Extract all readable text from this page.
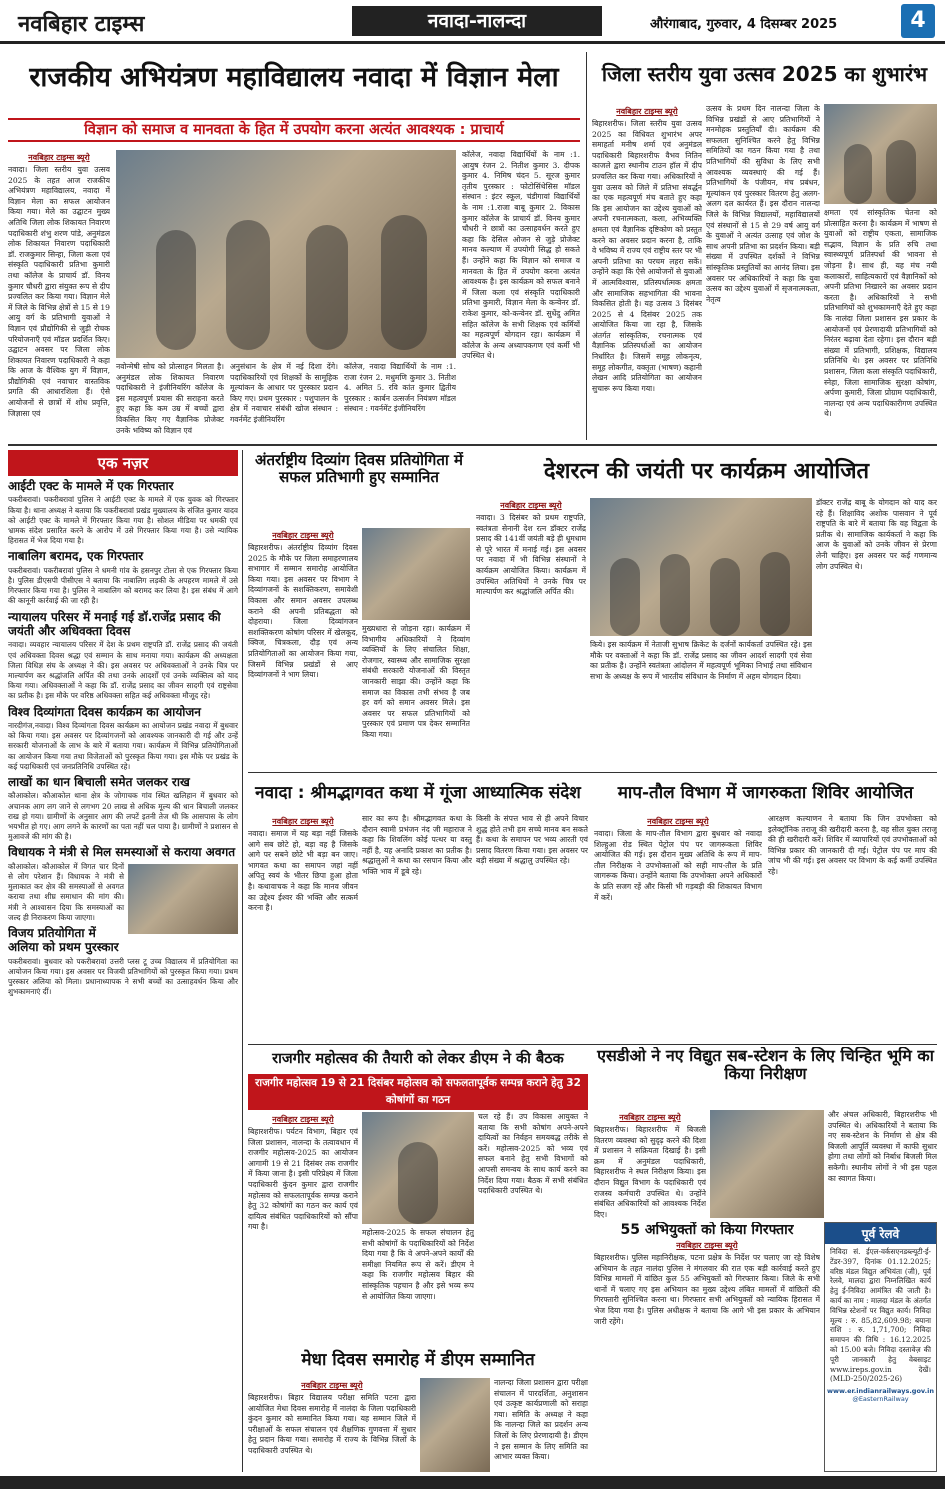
नवबिहार टाइम्स	नवादा-नालन्दा	औरंगाबाद, गुरुवार, 4 दिसम्बर 2025	4
राजकीय अभियंत्रण महाविद्यालय नवादा में विज्ञान मेला
विज्ञान को समाज व मानवता के हित में उपयोग करना अत्यंत आवश्यक : प्राचार्य
नवबिहार टाइम्स ब्यूरो
नवादा। जिला स्तरीय युवा उत्सव 2025 के तहत आज राजकीय अभियंत्रण महाविद्यालय, नवादा में विज्ञान मेला का सफल आयोजन किया गया। मेले का उद्घाटन मुख्य अतिथि जिला लोक शिकायत निवारण पदाधिकारी शंभु शरण पांडे, अनुमंडल लोक शिकायत निवारण पदाधिकारी डॉ. राजकुमार सिन्हा, जिला कला एवं संस्कृति पदाधिकारी प्रतिभा कुमारी तथा कॉलेज के प्राचार्य डॉ. विनय कुमार चौधरी द्वारा संयुक्त रूप से दीप प्रज्वलित कर किया गया। विज्ञान मेले में जिले के विभिन्न क्षेत्रों से 15 से 19 आयु वर्ग के प्रतिभागी युवाओं ने विज्ञान एवं प्रौद्योगिकी से जुड़ी रोचक परियोजनाएँ एवं मॉडल प्रदर्शित किए। उद्घाटन अवसर पर जिला लोक शिकायत निवारण पदाधिकारी ने कहा कि आज के वैश्विक युग में विज्ञान, प्रौद्योगिकी एवं नवाचार वास्तविक प्रगति की आधारशिला हैं। ऐसे आयोजनों से छात्रों में शोध प्रवृत्ति, जिज्ञासा एवं
नवोन्मेषी सोच को प्रोत्साहन मिलता है। अनुमंडल लोक शिकायत निवारण पदाधिकारी ने इंजीनियरिंग कॉलेज के इस महत्वपूर्ण प्रयास की सराहना करते हुए कहा कि कम उम्र में बच्चों द्वारा विकसित किए गए वैज्ञानिक प्रोजेक्ट उनके भविष्य को विज्ञान एवं
अनुसंधान के क्षेत्र में नई दिशा देंगे। पदाधिकारियों एवं शिक्षकों के सामूहिक मूल्यांकन के आधार पर पुरस्कार प्रदान किए गए। प्रथम पुरस्कार : पशुपालन के क्षेत्र में नवाचार संबंधी खोज संस्थान : गवर्नमेंट इंजीनियरिंग
कॉलेज, नवादा विद्यार्थियों के नाम :1. राजा रंजन 2. मधुमणि कुमार 3. नितीश 4. अमित 5. रवि कांत कुमार द्वितीय पुरस्कार : कार्बन उत्सर्जन नियंत्रण मॉडल संस्थान : गवर्नमेंट इंजीनियरिंग
कॉलेज, नवादा विद्यार्थियों के नाम :1. आयुष रंजन 2. नितीश कुमार 3. दीपक कुमार 4. निमिष चंदन 5. सूरज कुमार तृतीय पुरस्कार : फोटोसिंथेसिस मॉडल संस्थान : इंटर स्कूल, चंडीगावां विद्यार्थियों के नाम :1.राजा बाबू कुमार 2. विकास कुमार कॉलेज के प्राचार्य डॉ. विनय कुमार चौधरी ने छात्रों का उत्साहवर्धन करते हुए कहा कि देसिल ओजन से जुड़े प्रोजेक्ट मानव कल्याण में उपयोगी सिद्ध हो सकते हैं। उन्होंने कहा कि विज्ञान को समाज व मानवता के हित में उपयोग करना अत्यंत आवश्यक है। इस कार्यक्रम को सफल बनाने में जिला कला एवं संस्कृति पदाधिकारी प्रतिभा कुमारी, विज्ञान मेला के कन्वेनर डॉ. राकेश कुमार, को-कन्वेनर डॉ. सुधेंदु अमित सहित कॉलेज के सभी शिक्षक एवं कर्मियों का महत्वपूर्ण योगदान रहा। कार्यक्रम में कॉलेज के अन्य अध्यापकगण एवं कर्मी भी उपस्थित थे।
जिला स्तरीय युवा उत्सव 2025 का शुभारंभ
नवबिहार टाइम्स ब्यूरो
बिहारशरीफ। जिला स्तरीय युवा उत्सव 2025 का विधिवत शुभारंभ अपर समाहर्ता मनीष शर्मा एवं अनुमंडल पदाधिकारी बिहारशरीफ वैभव नितिन काजले द्वारा स्थानीय टाउन हॉल में दीप प्रज्वलित कर किया गया। अधिकारियों ने युवा उत्सव को जिले में प्रतिभा संवर्द्धन का एक महत्वपूर्ण मंच बताते हुए कहा कि इस आयोजन का उद्देश्य युवाओं को अपनी रचनात्मकता, कला, अभिव्यक्ति क्षमता एवं वैज्ञानिक दृष्टिकोण को प्रस्तुत करने का अवसर प्रदान करना है, ताकि वे भविष्य में राज्य एवं राष्ट्रीय स्तर पर भी अपनी प्रतिभा का परचम लहरा सकें। उन्होंने कहा कि ऐसे आयोजनों से युवाओं में आत्मविश्वास, प्रतिस्पर्धात्मक क्षमता और सामाजिक सहभागिता की भावना विकसित होती है। यह उत्सव 3 दिसंबर 2025 से 4 दिसंबर 2025 तक आयोजित किया जा रहा है, जिसके अंतर्गत सांस्कृतिक, रचनात्मक एवं वैज्ञानिक प्रतिस्पर्धाओं का आयोजन निर्धारित है। जिसमें समूह लोकनृत्य, समूह लोकगीत, वक्तृता (भाषण) कहानी लेखन आदि प्रतियोगिता का आयोजन सुचारू रूप किया गया।
उत्सव के प्रथम दिन नालन्दा जिला के विभिन्न प्रखंडों से आए प्रतिभागियों ने मनमोहक प्रस्तुतियाँ दी। कार्यक्रम की सफलता सुनिश्चित करने हेतु विभिन्न समितियों का गठन किया गया है तथा प्रतिभागियों की सुविधा के लिए सभी आवश्यक व्यवस्थाएं की गई हैं। प्रतिभागियों के पंजीयन, मंच प्रबंधन, मूल्यांकन एवं पुरस्कार वितरण हेतु अलग-अलग दल कार्यरत हैं। इस दौरान नालन्दा जिले के विभिन्न विद्यालयों, महाविद्यालयों एवं संस्थानों से 15 से 29 वर्ष आयु वर्ग के युवाओं ने अत्यंत उत्साह एवं जोश के साथ अपनी प्रतिभा का प्रदर्शन किया। बड़ी संख्या में उपस्थित दर्शकों ने विभिन्न सांस्कृतिक प्रस्तुतियों का आनंद लिया। इस अवसर पर अधिकारियों ने कहा कि युवा उत्सव का उद्देश्य युवाओं में सृजनात्मकता, नेतृत्व
क्षमता एवं सांस्कृतिक चेतना को प्रोत्साहित करना है। कार्यक्रम में भाषण से युवाओं को राष्ट्रीय एकता, सामाजिक सद्भाव, विज्ञान के प्रति रुचि तथा स्वास्थ्यपूर्ण प्रतिस्पर्धा की भावना से जोड़ना है। साथ ही, यह मंच नयी कलाकारों, साहित्यकारों एवं वैज्ञानिकों को अपनी प्रतिभा निखारने का अवसर प्रदान करता है। अधिकारियों ने सभी प्रतिभागियों को शुभकामनाएँ देते हुए कहा कि नालंदा जिला प्रशासन इस प्रकार के आयोजनों एवं प्रेरणादायी प्रतिभागियों को निरंतर बढ़ावा देता रहेगा। इस दौरान बड़ी संख्या में प्रतिभागी, प्रशिक्षक, विद्यालय प्रतिनिधि थे। इस अवसर पर प्रतिनिधि प्रशासन, जिला कला संस्कृति पदाधिकारी, स्नेहा, जिला सामाजिक सुरक्षा कोषांग, अर्पणा कुमारी, जिला प्रोग्राम पदाधिकारी, नालन्दा एवं अन्य पदाधिकारीगण उपस्थित थे।
एक नज़र
आईटी एक्ट के मामले में एक गिरफ्तार
पकरीबरावां। पकरीबरावां पुलिस ने आईटी एक्ट के मामले में एक युवक को गिरफ्तार किया है। थाना अध्यक्ष ने बताया कि पकरीबरावां प्रखंड मुख्यालय के संजित कुमार यादव को आईटी एक्ट के मामले में गिरफ्तार किया गया है। सोशल मीडिया पर धमकी एवं भ्रामक संदेश प्रसारित करने के आरोप में उसे गिरफ्तार किया गया है। उसे न्यायिक हिरासत में भेज दिया गया है।
नाबालिग बरामद, एक गिरफ्तार
पकरीबरावां। पकरीबरावां पुलिस ने धमनी गांव के हसनपुर टोला से एक गिरफ्तार किया है। पुलिस डीएसपी पीसीएस ने बताया कि नाबालिग लड़की के अपहरण मामले में उसे गिरफ्तार किया गया है। पुलिस ने नाबालिग को बरामद कर लिया है। इस संबंध में आगे की कानूनी कार्रवाई की जा रही है।
न्यायालय परिसर में मनाई गई डॉ.राजेंद्र प्रसाद की जयंती और अधिवक्ता दिवस
नवादा। व्यवहार न्यायालय परिसर में देश के प्रथम राष्ट्रपति डॉ. राजेंद्र प्रसाद की जयंती एवं अधिवक्ता दिवस श्रद्धा एवं सम्मान के साथ मनाया गया। कार्यक्रम की अध्यक्षता जिला विधिज्ञ संघ के अध्यक्ष ने की। इस अवसर पर अधिवक्ताओं ने उनके चित्र पर माल्यार्पण कर श्रद्धांजलि अर्पित की तथा उनके आदर्शों एवं उनके व्यक्तित्व को याद किया गया। अधिवक्ताओं ने कहा कि डॉ. राजेंद्र प्रसाद का जीवन सादगी एवं राष्ट्रसेवा का प्रतीक है। इस मौके पर वरिष्ठ अधिवक्ता सहित कई अधिवक्ता मौजूद रहे।
विश्व दिव्यांगता दिवस कार्यक्रम का आयोजन
नारदीगंज,नवादा। विश्व दिव्यांगता दिवस कार्यक्रम का आयोजन प्रखंड नवादा में बुधवार को किया गया। इस अवसर पर दिव्यांगजनों को आवश्यक जानकारी दी गई और उन्हें सरकारी योजनाओं के लाभ के बारे में बताया गया। कार्यक्रम में विभिन्न प्रतियोगिताओं का आयोजन किया गया तथा विजेताओं को पुरस्कृत किया गया। इस मौके पर प्रखंड के कई पदाधिकारी एवं जनप्रतिनिधि उपस्थित रहे।
लाखों का धान बिचाली समेत जलकर राख
कौआकोल। कौआकोल थाना क्षेत्र के जोगाचक गांव स्थित खलिहान में बुधवार को अचानक आग लग जाने से लगभग 20 लाख से अधिक मूल्य की धान बिचाली जलकर राख हो गया। ग्रामीणों के अनुसार आग की लपटें इतनी तेज थी कि आसपास के लोग भयभीत हो गए। आग लगने के कारणों का पता नहीं चल पाया है। ग्रामीणों ने प्रशासन से मुआवजे की मांग की है।
विधायक ने मंत्री से मिल समस्याओं से कराया अवगत
कौआकोल। कौआकोल में विगत चार दिनों से लोग परेशान हैं। विधायक ने मंत्री से मुलाकात कर क्षेत्र की समस्याओं से अवगत कराया तथा शीघ्र समाधान की मांग की। मंत्री ने आश्वासन दिया कि समस्याओं का जल्द ही निराकरण किया जाएगा।
विजय प्रतियोगिता में अलिया को प्रथम पुरस्कार
पकरीबरावां। बुधवार को पकरीबरावां उत्तरी प्लस टू उच्च विद्यालय में प्रतियोगिता का आयोजन किया गया। इस अवसर पर विजयी प्रतिभागियों को पुरस्कृत किया गया। प्रथम पुरस्कार अलिया को मिला। प्रधानाध्यापक ने सभी बच्चों का उत्साहवर्धन किया और शुभकामनाएं दीं।
अंतर्राष्ट्रीय दिव्यांग दिवस प्रतियोगिता में सफल प्रतिभागी हुए सम्मानित
नवबिहार टाइम्स ब्यूरो
बिहारशरीफ। अंतर्राष्ट्रीय दिव्यांग दिवस 2025 के मौके पर जिला समाहरणालय सभागार में सम्मान समारोह आयोजित किया गया। इस अवसर पर विभाग ने दिव्यांगजनों के सशक्तिकरण, समावेशी विकास और समान अवसर उपलब्ध कराने की अपनी प्रतिबद्धता को दोहराया। जिला दिव्यांगजन सशक्तिकरण कोषांग परिसर में खेलकूद, क्विज, चित्रकला, दौड़ एवं अन्य प्रतियोगिताओं का आयोजन किया गया, जिसमें विभिन्न प्रखंडों से आए दिव्यांगजनों ने भाग लिया।
मुख्यधारा से जोड़ना रहा। कार्यक्रम में विभागीय अधिकारियों ने दिव्यांग व्यक्तियों के लिए संचालित शिक्षा, रोजगार, स्वास्थ्य और सामाजिक सुरक्षा संबंधी सरकारी योजनाओं की विस्तृत जानकारी साझा की। उन्होंने कहा कि समाज का विकास तभी संभव है जब हर वर्ग को समान अवसर मिले। इस अवसर पर सफल प्रतिभागियों को पुरस्कार एवं प्रमाण पत्र देकर सम्मानित किया गया।
देशरत्न की जयंती पर कार्यक्रम आयोजित
नवबिहार टाइम्स ब्यूरो
नवादा। 3 दिसंबर को प्रथम राष्ट्रपति, स्वतंत्रता सेनानी देश रत्न डॉक्टर राजेंद्र प्रसाद की 141वीं जयंती बड़े ही धूमधाम से पूरे भारत में मनाई गई। इस अवसर पर नवादा में भी विभिन्न संस्थानों ने कार्यक्रम आयोजित किया। कार्यक्रम में उपस्थित अतिथियों ने उनके चित्र पर माल्यार्पण कर श्रद्धांजलि अर्पित की।
किये। इस कार्यक्रम में नेताजी सुभाष क्रिकेट के दर्जनों कार्यकर्ता उपस्थित रहे। इस मौके पर वक्ताओं ने कहा कि डॉ. राजेंद्र प्रसाद का जीवन आदर्श सादगी एवं सेवा का प्रतीक है। उन्होंने स्वतंत्रता आंदोलन में महत्वपूर्ण भूमिका निभाई तथा संविधान सभा के अध्यक्ष के रूप में भारतीय संविधान के निर्माण में अहम योगदान दिया।
डॉक्टर राजेंद्र बाबू के योगदान को याद कर रहे हैं। शिक्षाविद अशोक पासवान ने पूर्व राष्ट्रपति के बारे में बताया कि वह विद्वता के प्रतीक थे। सामाजिक कार्यकर्ता ने कहा कि आज के युवाओं को उनके जीवन से प्रेरणा लेनी चाहिए। इस अवसर पर कई गणमान्य लोग उपस्थित थे।
नवादा : श्रीमद्भागवत कथा में गूंजा आध्यात्मिक संदेश
नवबिहार टाइम्स ब्यूरो
नवादा। समाज में यह बड़ा नहीं जिसके आगे सब छोटे हो, बड़ा वह है जिसके आगे पर सबने छोटे भी बड़ा बन जाए। भागवत कथा का समापन जहां नहीं अपितु स्वयं के भीतर छिपा हुआ होता है। कथावाचक ने कहा कि मानव जीवन का उद्देश्य ईश्वर की भक्ति और सत्कर्म करना है।
सार का रूप है। श्रीमद्भागवत कथा के दौरान स्वामी प्रभंजन नंद जी महाराज ने कहा कि शिवलिंग कोई पत्थर या वस्तु नहीं है, यह अनादि प्रकाश का प्रतीक है। श्रद्धालुओं ने कथा का रसपान किया और भक्ति भाव में डूबे रहे।
किसी के संपत्त भाव से ही अपने विचार शुद्ध होते तभी हम सच्चे मानव बन सकते हैं। कथा के समापन पर भव्य आरती एवं प्रसाद वितरण किया गया। इस अवसर पर बड़ी संख्या में श्रद्धालु उपस्थित रहे।
माप-तौल विभाग में जागरुकता शिविर आयोजित
नवबिहार टाइम्स ब्यूरो
नवादा। जिला के माप-तौल विभाग द्वारा बुधवार को नवादा शिल्हुआ रोड स्थित पेट्रोल पंप पर जागरूकता शिविर आयोजित की गई। इस दौरान मुख्य अतिथि के रूप में माप-तौल निरीक्षक ने उपभोक्ताओं को सही माप-तौल के प्रति जागरूक किया। उन्होंने बताया कि उपभोक्ता अपने अधिकारों के प्रति सजग रहें और किसी भी गड़बड़ी की शिकायत विभाग में करें।
आरक्षण कल्याणन ने बताया कि जिन उपभोक्ता को इलेक्ट्रॉनिक तराजू की खरीदारी करना है, वह सील युक्त तराजू की ही खरीदारी करें। शिविर में व्यापारियों एवं उपभोक्ताओं को विभिन्न प्रकार की जानकारी दी गई। पेट्रोल पंप पर माप की जांच भी की गई। इस अवसर पर विभाग के कई कर्मी उपस्थित रहे।
राजगीर महोत्सव की तैयारी को लेकर डीएम ने की बैठक
राजगीर महोत्सव 19 से 21 दिसंबर महोत्सव को सफलतापूर्वक सम्पन्न कराने हेतु 32 कोषांगों का गठन
नवबिहार टाइम्स ब्यूरो
बिहारशरीफ। पर्यटन विभाग, बिहार एवं जिला प्रशासन, नालन्दा के तत्वावधान में राजगीर महोत्सव-2025 का आयोजन आगामी 19 से 21 दिसंबर तक राजगीर में किया जाना है। इसी परिप्रेक्ष्य में जिला पदाधिकारी कुंदन कुमार द्वारा राजगीर महोत्सव को सफलतापूर्वक सम्पन्न कराने हेतु 32 कोषांगों का गठन कर कार्य एवं दायित्व संबंधित पदाधिकारियों को सौंपा गया है।
महोत्सव-2025 के सफल संचालन हेतु सभी कोषांगों के पदाधिकारियों को निर्देश दिया गया है कि वे अपने-अपने कार्यों की समीक्षा नियमित रूप से करें। डीएम ने कहा कि राजगीर महोत्सव बिहार की सांस्कृतिक पहचान है और इसे भव्य रूप से आयोजित किया जाएगा।
चल रहे हैं। उप विकास आयुक्त ने बताया कि सभी कोषांग अपने-अपने दायित्वों का निर्वहन समयबद्ध तरीके से करें। महोत्सव-2025 को भव्य एवं सफल बनाने हेतु सभी विभागों को आपसी समन्वय के साथ कार्य करने का निर्देश दिया गया। बैठक में सभी संबंधित पदाधिकारी उपस्थित थे।
एसडीओ ने नए विद्युत सब-स्टेशन के लिए चिन्हित भूमि का किया निरीक्षण
नवबिहार टाइम्स ब्यूरो
बिहारशरीफ। बिहारशरीफ में बिजली वितरण व्यवस्था को सुदृढ़ करने की दिशा में प्रशासन ने सक्रियता दिखाई है। इसी क्रम में अनुमंडल पदाधिकारी, बिहारशरीफ ने स्थल निरीक्षण किया। इस दौरान विद्युत विभाग के पदाधिकारी एवं राजस्व कर्मचारी उपस्थित थे। उन्होंने संबंधित अधिकारियों को आवश्यक निर्देश दिए।
और अंचल अधिकारी, बिहारशरीफ भी उपस्थित थे। अधिकारियों ने बताया कि नए सब-स्टेशन के निर्माण से क्षेत्र की बिजली आपूर्ति व्यवस्था में काफी सुधार होगा तथा लोगों को निर्बाध बिजली मिल सकेगी। स्थानीय लोगों ने भी इस पहल का स्वागत किया।
55 अभियुक्तों को किया गिरफ्तार
नवबिहार टाइम्स ब्यूरो
बिहारशरीफ। पुलिस महानिरीक्षक, पटना प्रक्षेत्र के निर्देश पर चलाए जा रहे विशेष अभियान के तहत नालंदा पुलिस ने मंगलवार की रात एक बड़ी कार्रवाई करते हुए विभिन्न मामलों में वांछित कुल 55 अभियुक्तों को गिरफ्तार किया। जिले के सभी थानों में चलाए गए इस अभियान का मुख्य उद्देश्य लंबित मामलों में वांछितों की गिरफ्तारी सुनिश्चित करना था। गिरफ्तार सभी अभियुक्तों को न्यायिक हिरासत में भेज दिया गया है। पुलिस अधीक्षक ने बताया कि आगे भी इस प्रकार के अभियान जारी रहेंगे।
पूर्व रेलवे
निविदा सं. ईएल-वर्कसएनडब्ल्यूटी-ई-टेंडर-397, दिनांक 01.12.2025; वरिष्ठ मंडल विद्युत अभियंता (जी), पूर्व रेलवे, मालदा द्वारा निम्नलिखित कार्य हेतु ई-निविदा आमंत्रित की जाती है। कार्य का नाम : मालदा मंडल के अंतर्गत विभिन्न स्टेशनों पर विद्युत कार्य। निविदा मूल्य : रु. 85,82,609.98; बयाना राशि : रु. 1,71,700; निविदा समापन की तिथि : 16.12.2025 को 15.00 बजे। निविदा दस्तावेज़ की पूरी जानकारी हेतु वेबसाइट www.ireps.gov.in देखें। (MLD-250/2025-26)
www.er.indianrailways.gov.in
@EasternRailway
मेधा दिवस समारोह में डीएम सम्मानित
नवबिहार टाइम्स ब्यूरो
बिहारशरीफ। बिहार विद्यालय परीक्षा समिति पटना द्वारा आयोजित मेधा दिवस समारोह में नालंदा के जिला पदाधिकारी कुंदन कुमार को सम्मानित किया गया। यह सम्मान जिले में परीक्षाओं के सफल संचालन एवं शैक्षणिक गुणवत्ता में सुधार हेतु प्रदान किया गया। समारोह में राज्य के विभिन्न जिलों के पदाधिकारी उपस्थित थे।
नालन्दा जिला प्रशासन द्वारा परीक्षा संचालन में पारदर्शिता, अनुशासन एवं उत्कृष्ट कार्यप्रणाली को सराहा गया। समिति के अध्यक्ष ने कहा कि नालन्दा जिले का प्रदर्शन अन्य जिलों के लिए प्रेरणादायी है। डीएम ने इस सम्मान के लिए समिति का आभार व्यक्त किया।
